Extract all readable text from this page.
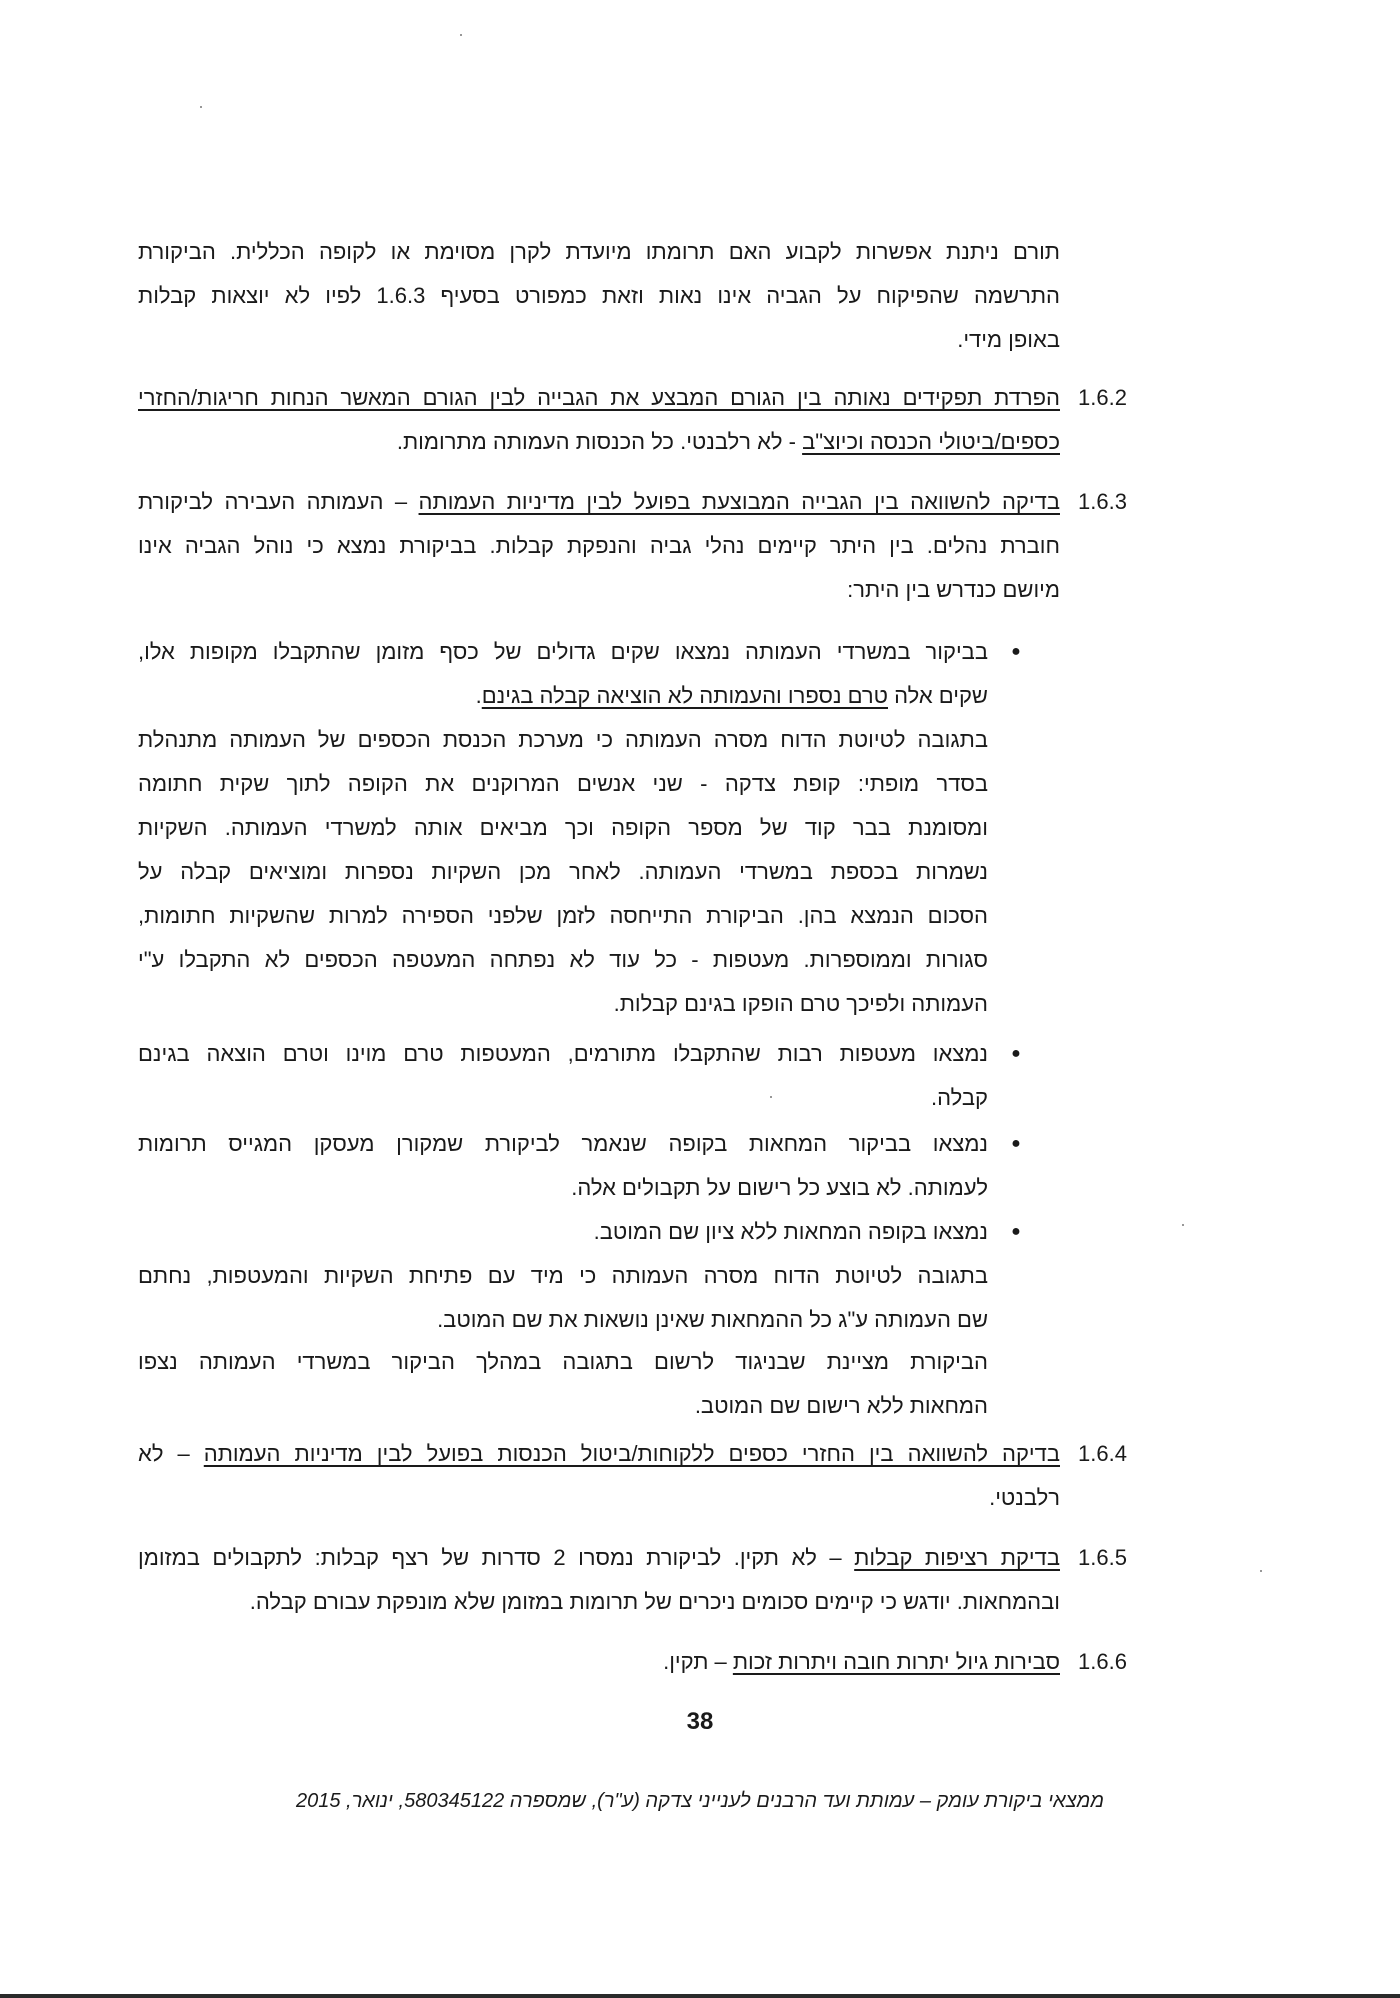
תורם ניתנת אפשרות לקבוע האם תרומתו מיועדת לקרן מסוימת או לקופה הכללית. הביקורת
התרשמה שהפיקוח על הגביה אינו נאות וזאת כמפורט בסעיף 1.6.3 לפיו לא יוצאות קבלות
באופן מידי.
1.6.2
הפרדת תפקידים נאותה בין הגורם המבצע את הגבייה לבין הגורם המאשר הנחות חריגות/החזרי
כספים/ביטולי הכנסה וכיוצ"ב - לא רלבנטי. כל הכנסות העמותה מתרומות.
1.6.3
בדיקה להשוואה בין הגבייה המבוצעת בפועל לבין מדיניות העמותה – העמותה העבירה לביקורת
חוברת נהלים. בין היתר קיימים נהלי גביה והנפקת קבלות. בביקורת נמצא כי נוהל הגביה אינו
מיושם כנדרש בין היתר:
●
בביקור במשרדי העמותה נמצאו שקים גדולים של כסף מזומן שהתקבלו מקופות אלו,
שקים אלה טרם נספרו והעמותה לא הוציאה קבלה בגינם.
בתגובה לטיוטת הדוח מסרה העמותה כי מערכת הכנסת הכספים של העמותה מתנהלת
בסדר מופתי: קופת צדקה - שני אנשים המרוקנים את הקופה לתוך שקית חתומה
ומסומנת בבר קוד של מספר הקופה וכך מביאים אותה למשרדי העמותה. השקיות
נשמרות בכספת במשרדי העמותה. לאחר מכן השקיות נספרות ומוציאים קבלה על
הסכום הנמצא בהן. הביקורת התייחסה לזמן שלפני הספירה למרות שהשקיות חתומות,
סגורות וממוספרות. מעטפות - כל עוד לא נפתחה המעטפה הכספים לא התקבלו ע"י
העמותה ולפיכך טרם הופקו בגינם קבלות.
●
נמצאו מעטפות רבות שהתקבלו מתורמים, המעטפות טרם מוינו וטרם הוצאה בגינם
קבלה.
●
נמצאו בביקור המחאות בקופה שנאמר לביקורת שמקורן מעסקן המגייס תרומות
לעמותה. לא בוצע כל רישום על תקבולים אלה.
●
נמצאו בקופה המחאות ללא ציון שם המוטב.
בתגובה לטיוטת הדוח מסרה העמותה כי מיד עם פתיחת השקיות והמעטפות, נחתם
שם העמותה ע"ג כל ההמחאות שאינן נושאות את שם המוטב.
הביקורת מציינת שבניגוד לרשום בתגובה במהלך הביקור במשרדי העמותה נצפו
המחאות ללא רישום שם המוטב.
1.6.4
בדיקה להשוואה בין החזרי כספים ללקוחות/ביטול הכנסות בפועל לבין מדיניות העמותה – לא
רלבנטי.
1.6.5
בדיקת רציפות קבלות – לא תקין. לביקורת נמסרו 2 סדרות של רצף קבלות: לתקבולים במזומן
ובהמחאות. יודגש כי קיימים סכומים ניכרים של תרומות במזומן שלא מונפקת עבורם קבלה.
1.6.6
סבירות גיול יתרות חובה ויתרות זכות – תקין.
38
ממצאי ביקורת עומק – עמותת ועד הרבנים לענייני צדקה (ע"ר), שמספרה 580345122, ינואר, 2015
